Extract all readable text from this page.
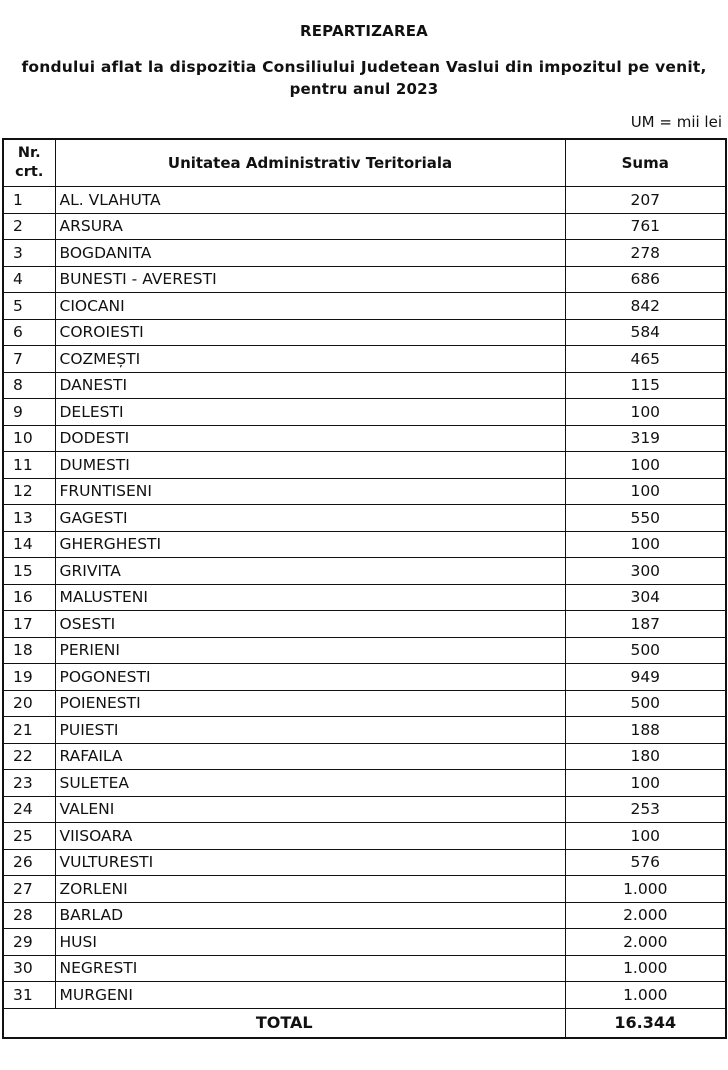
REPARTIZAREA
fondului aflat la dispozitia Consiliului Judetean Vaslui din impozitul pe venit,
pentru anul 2023
UM = mii lei
Nr.
crt.	Unitatea Administrativ Teritoriala	Suma
1	AL. VLAHUTA	207
2	ARSURA	761
3	BOGDANITA	278
4	BUNESTI - AVERESTI	686
5	CIOCANI	842
6	COROIESTI	584
7	COZMEȘTI	465
8	DANESTI	115
9	DELESTI	100
10	DODESTI	319
11	DUMESTI	100
12	FRUNTISENI	100
13	GAGESTI	550
14	GHERGHESTI	100
15	GRIVITA	300
16	MALUSTENI	304
17	OSESTI	187
18	PERIENI	500
19	POGONESTI	949
20	POIENESTI	500
21	PUIESTI	188
22	RAFAILA	180
23	SULETEA	100
24	VALENI	253
25	VIISOARA	100
26	VULTURESTI	576
27	ZORLENI	1.000
28	BARLAD	2.000
29	HUSI	2.000
30	NEGRESTI	1.000
31	MURGENI	1.000
TOTAL		16.344
